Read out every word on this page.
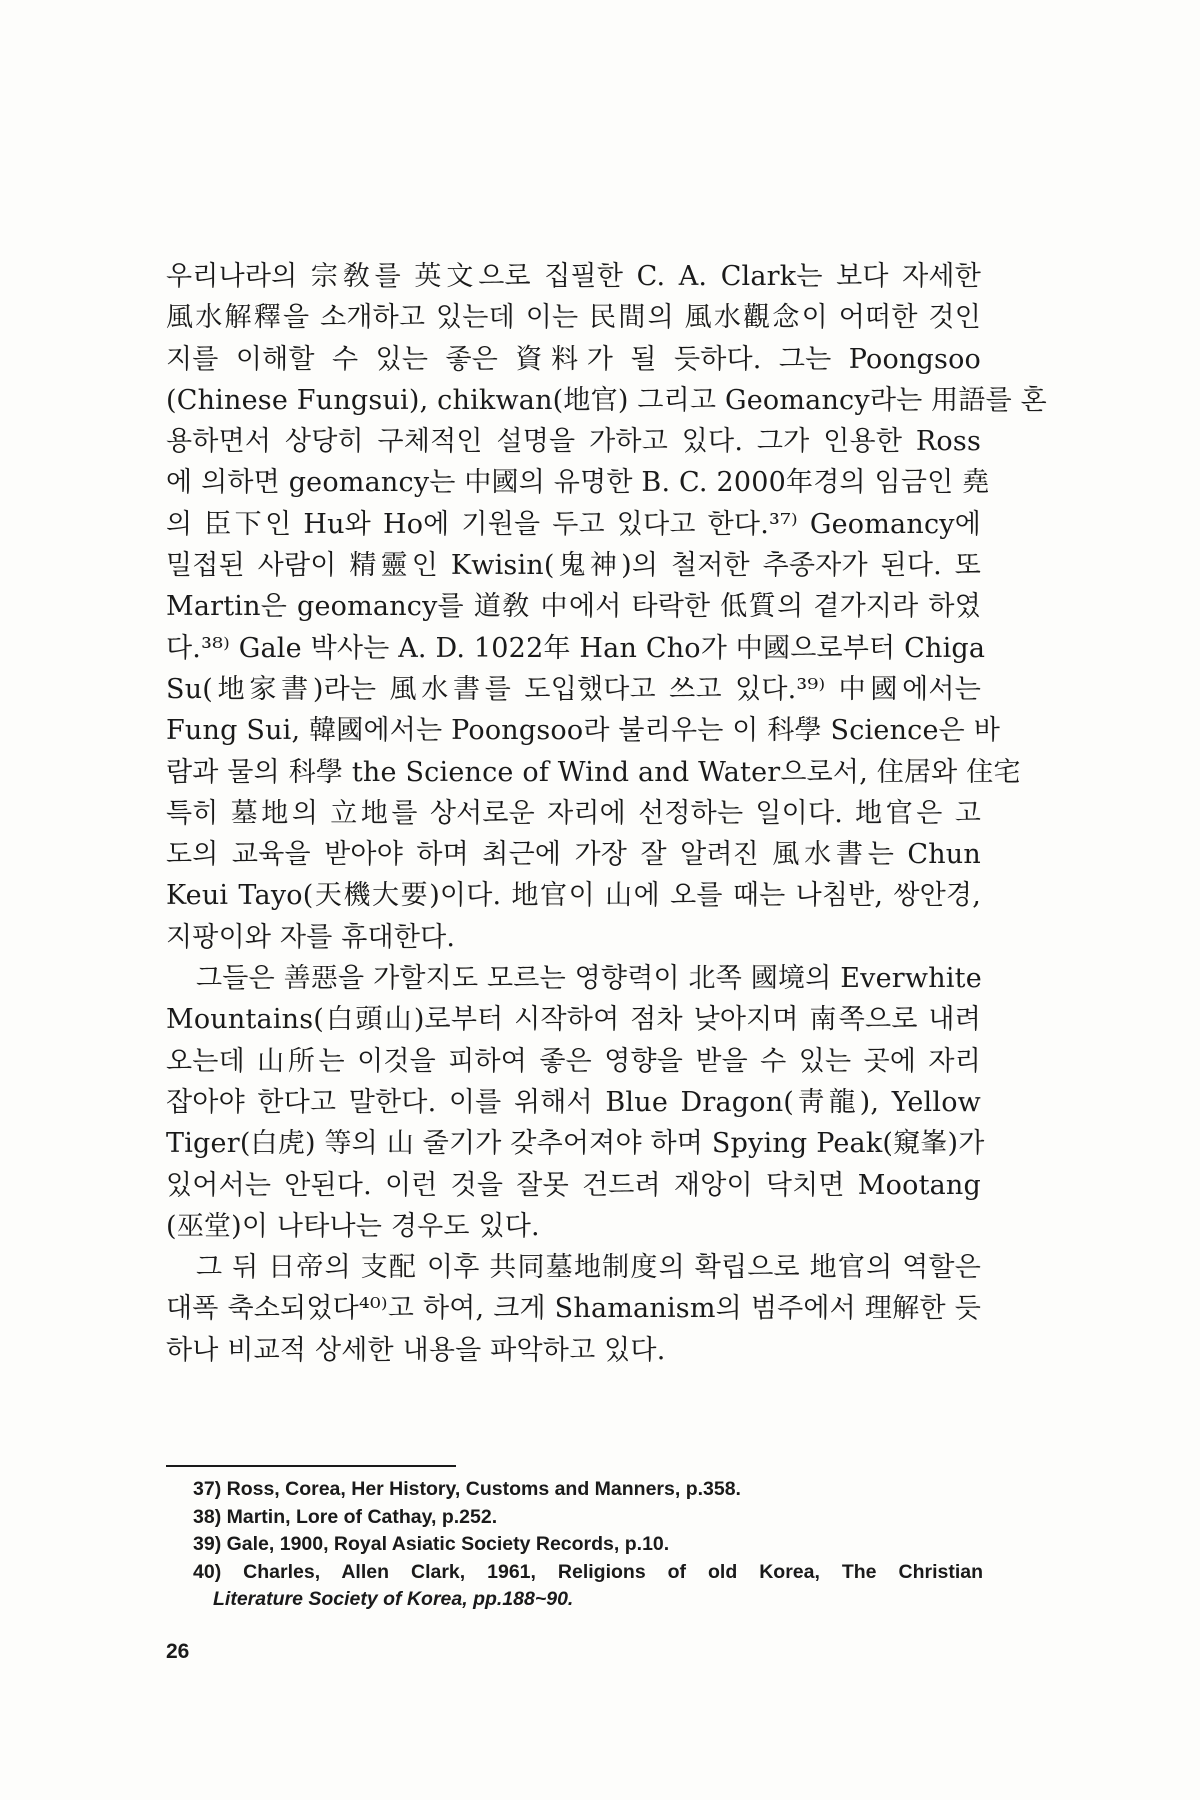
우리나라의 宗敎를 英文으로 집필한 C. A. Clark는 보다 자세한
風水解釋을 소개하고 있는데 이는 民間의 風水觀念이 어떠한 것인
지를 이해할 수 있는 좋은 資料가 될 듯하다. 그는 Poongsoo
(Chinese Fungsui), chikwan(地官) 그리고 Geomancy라는 用語를 혼
용하면서 상당히 구체적인 설명을 가하고 있다. 그가 인용한 Ross
에 의하면 geomancy는 中國의 유명한 B. C. 2000年경의 임금인 堯
의 臣下인 Hu와 Ho에 기원을 두고 있다고 한다.³⁷⁾ Geomancy에
밀접된 사람이 精靈인 Kwisin(鬼神)의 철저한 추종자가 된다. 또
Martin은 geomancy를 道敎 中에서 타락한 低質의 곁가지라 하였
다.³⁸⁾ Gale 박사는 A. D. 1022年 Han Cho가 中國으로부터 Chiga
Su(地家書)라는 風水書를 도입했다고 쓰고 있다.³⁹⁾ 中國에서는
Fung Sui, 韓國에서는 Poongsoo라 불리우는 이 科學 Science은 바
람과 물의 科學 the Science of Wind and Water으로서, 住居와 住宅
특히 墓地의 立地를 상서로운 자리에 선정하는 일이다. 地官은 고
도의 교육을 받아야 하며 최근에 가장 잘 알려진 風水書는 Chun
Keui Tayo(天機大要)이다. 地官이 山에 오를 때는 나침반, 쌍안경,
지팡이와 자를 휴대한다.
그들은 善惡을 가할지도 모르는 영향력이 北쪽 國境의 Everwhite
Mountains(白頭山)로부터 시작하여 점차 낮아지며 南쪽으로 내려
오는데 山所는 이것을 피하여 좋은 영향을 받을 수 있는 곳에 자리
잡아야 한다고 말한다. 이를 위해서 Blue Dragon(靑龍), Yellow
Tiger(白虎) 等의 山 줄기가 갖추어져야 하며 Spying Peak(窺峯)가
있어서는 안된다. 이런 것을 잘못 건드려 재앙이 닥치면 Mootang
(巫堂)이 나타나는 경우도 있다.
그 뒤 日帝의 支配 이후 共同墓地制度의 확립으로 地官의 역할은
대폭 축소되었다⁴⁰⁾고 하여, 크게 Shamanism의 범주에서 理解한 듯
하나 비교적 상세한 내용을 파악하고 있다.
37) Ross, Corea, Her History, Customs and Manners, p.358.
38) Martin, Lore of Cathay, p.252.
39) Gale, 1900, Royal Asiatic Society Records, p.10.
40) Charles, Allen Clark, 1961, Religions of old Korea, The Christian
Literature Society of Korea, pp.188~90.
26
